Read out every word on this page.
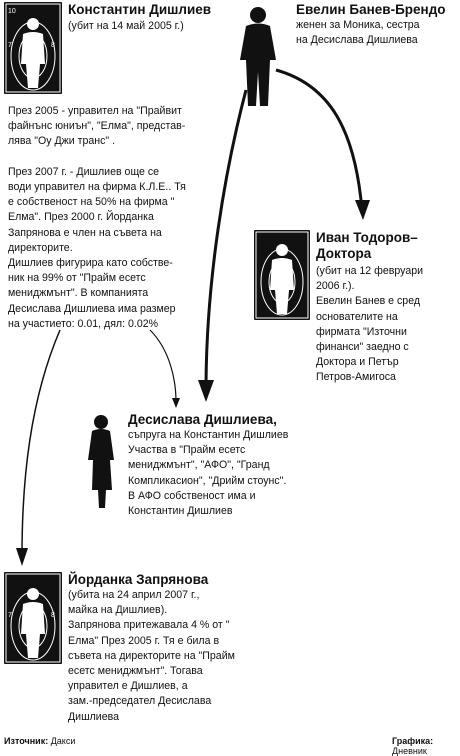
10
7	8
Константин Дишлиев
(убит на 14 май 2005 г.)
През 2005 - управител на "Прайвит
файнънс юниън", "Елма", представ-
лява "Оу Джи транс" .

През 2007 г. - Дишлиев още се
води управител на фирма К.Л.Е.. Тя
е собственост на 50% на фирма "
Елма". През 2000 г. Йорданка
Запрянова е член на съвета на
директорите.
Дишлиев фигурира като собстве-
ник на 99% от "Прайм есетс
мениджмънт". В компанията
Десислава Дишлиева има размер
на участието: 0.01, дял: 0.02%
Евелин Банев-Брендо
женен за Моника, сестра
на Десислава Дишлиева
Иван Тодоров–
Доктора
(убит на 12 февруари
2006 г.).
Евелин Банев е сред
основателите на
фирмата "Източни
финанси" заедно с
Доктора и Петър
Петров-Амигоса
Десислава Дишлиева,
съпруга на Константин Дишлиев
Участва в "Прайм есетс
мениджмънт", "АФО", "Гранд
Компликасион", "Дрийм стоунс".
В АФО собственост има и
Константин Дишлиев
7	8
Йорданка Запрянова
(убита на 24 април 2007 г.,
майка на Дишлиев).
Запрянова притежавала 4 % от "
Елма" През 2005 г. Тя е била в
съвета на директорите на "Прайм
есетс мениджмънт". Тогава
управител е Дишлиев, а
зам.-председател Десислава
Дишлиева
Източник: Дакси	Графика: Дневник
